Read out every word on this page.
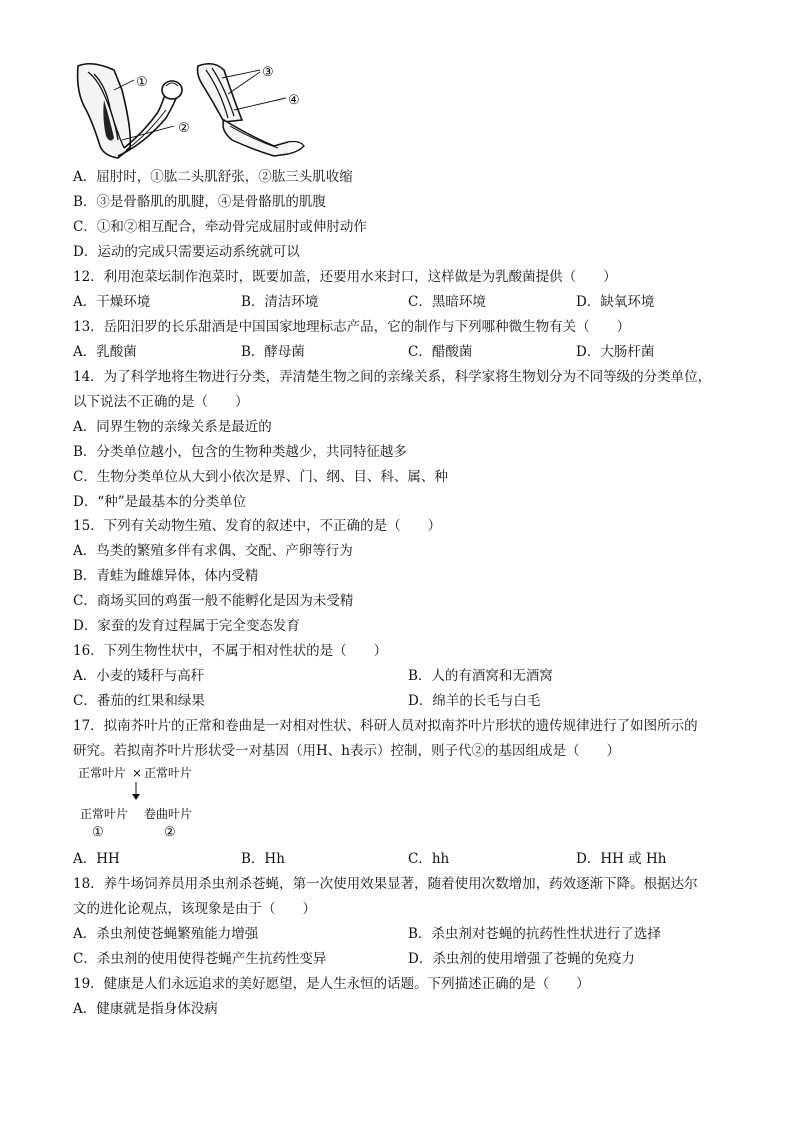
①
②
③
④
A．屈肘时，①肱二头肌舒张，②肱三头肌收缩
B．③是骨骼肌的肌腱，④是骨骼肌的肌腹
C．①和②相互配合，牵动骨完成屈肘或伸肘动作
D．运动的完成只需要运动系统就可以
12．利用泡菜坛制作泡菜时，既要加盖，还要用水来封口，这样做是为乳酸菌提供（　　）
A．干燥环境	B．清洁环境	C．黑暗环境	D．缺氧环境
13．岳阳汨罗的长乐甜酒是中国国家地理标志产品，它的制作与下列哪种微生物有关（　　）
A．乳酸菌	B．酵母菌	C．醋酸菌	D．大肠杆菌
14．为了科学地将生物进行分类，弄清楚生物之间的亲缘关系，科学家将生物划分为不同等级的分类单位，
以下说法不正确的是（　　）
A．同界生物的亲缘关系是最近的
B．分类单位越小，包含的生物种类越少，共同特征越多
C．生物分类单位从大到小依次是界、门、纲、目、科、属、种
D．“种”是最基本的分类单位
15．下列有关动物生殖、发育的叙述中，不正确的是（　　）
A．鸟类的繁殖多伴有求偶、交配、产卵等行为
B．青蛙为雌雄异体，体内受精
C．商场买回的鸡蛋一般不能孵化是因为未受精
D．家蚕的发育过程属于完全变态发育
16．下列生物性状中，不属于相对性状的是（　　）
A．小麦的矮秆与高秆	B．人的有酒窝和无酒窝
C．番茄的红果和绿果	D．绵羊的长毛与白毛
17．拟南芥叶片的正常和卷曲是一对相对性状、科研人员对拟南芥叶片形状的遗传规律进行了如图所示的
研究。若拟南芥叶片形状受一对基因（用H、h表示）控制，则子代②的基因组成是（　　）
正常叶片 × 正常叶片
正常叶片 卷曲叶片
①	②
A．HH	B．Hh	C．hh	D．HH 或 Hh
18．养牛场饲养员用杀虫剂杀苍蝇，第一次使用效果显著，随着使用次数增加，药效逐渐下降。根据达尔
文的进化论观点，该现象是由于（　　）
A．杀虫剂使苍蝇繁殖能力增强	B．杀虫剂对苍蝇的抗药性性状进行了选择
C．杀虫剂的使用使得苍蝇产生抗药性变异	D．杀虫剂的使用增强了苍蝇的免疫力
19．健康是人们永远追求的美好愿望，是人生永恒的话题。下列描述正确的是（　　）
A．健康就是指身体没病
